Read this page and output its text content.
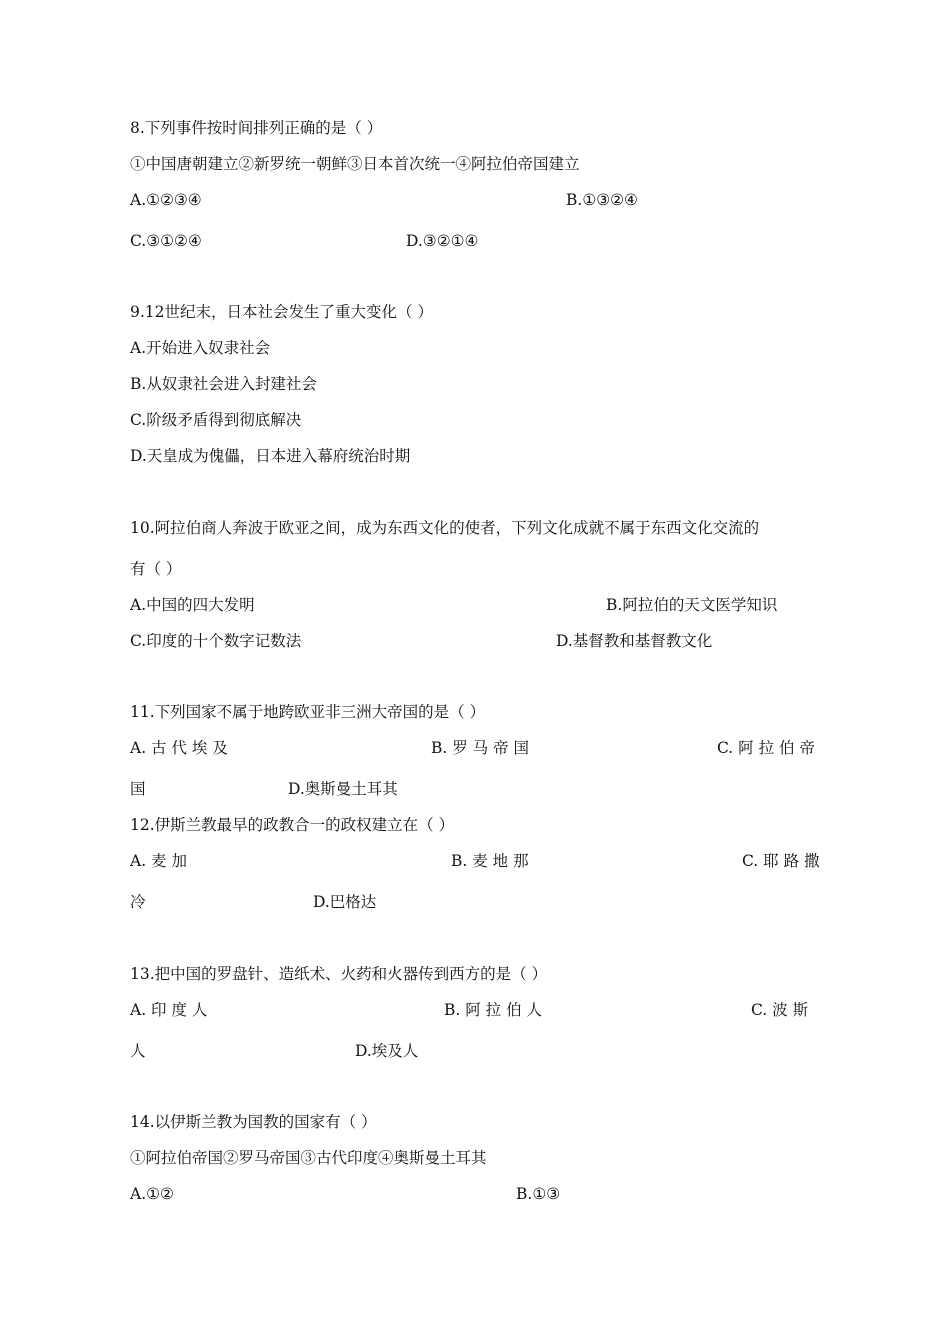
8.下列事件按时间排列正确的是（ ）
①中国唐朝建立②新罗统一朝鲜③日本首次统一④阿拉伯帝国建立
A.①②③④	B.①③②④
C.③①②④	D.③②①④
9.12世纪末，日本社会发生了重大变化（ ）
A.开始进入奴隶社会
B.从奴隶社会进入封建社会
C.阶级矛盾得到彻底解决
D.天皇成为傀儡，日本进入幕府统治时期
10.阿拉伯商人奔波于欧亚之间，成为东西文化的使者，下列文化成就不属于东西文化交流的
有（ ）
A.中国的四大发明	B.阿拉伯的天文医学知识
C.印度的十个数字记数法	D.基督教和基督教文化
11.下列国家不属于地跨欧亚非三洲大帝国的是（ ）
A. 古 代 埃 及	B. 罗 马 帝 国	C. 阿 拉 伯 帝
国	D.奥斯曼土耳其
12.伊斯兰教最早的政教合一的政权建立在（ ）
A. 麦 加	B. 麦 地 那	C. 耶 路 撒
冷	D.巴格达
13.把中国的罗盘针、造纸术、火药和火器传到西方的是（ ）
A. 印 度 人	B. 阿 拉 伯 人	C. 波 斯
人	D.埃及人
14.以伊斯兰教为国教的国家有（ ）
①阿拉伯帝国②罗马帝国③古代印度④奥斯曼土耳其
A.①②	B.①③
